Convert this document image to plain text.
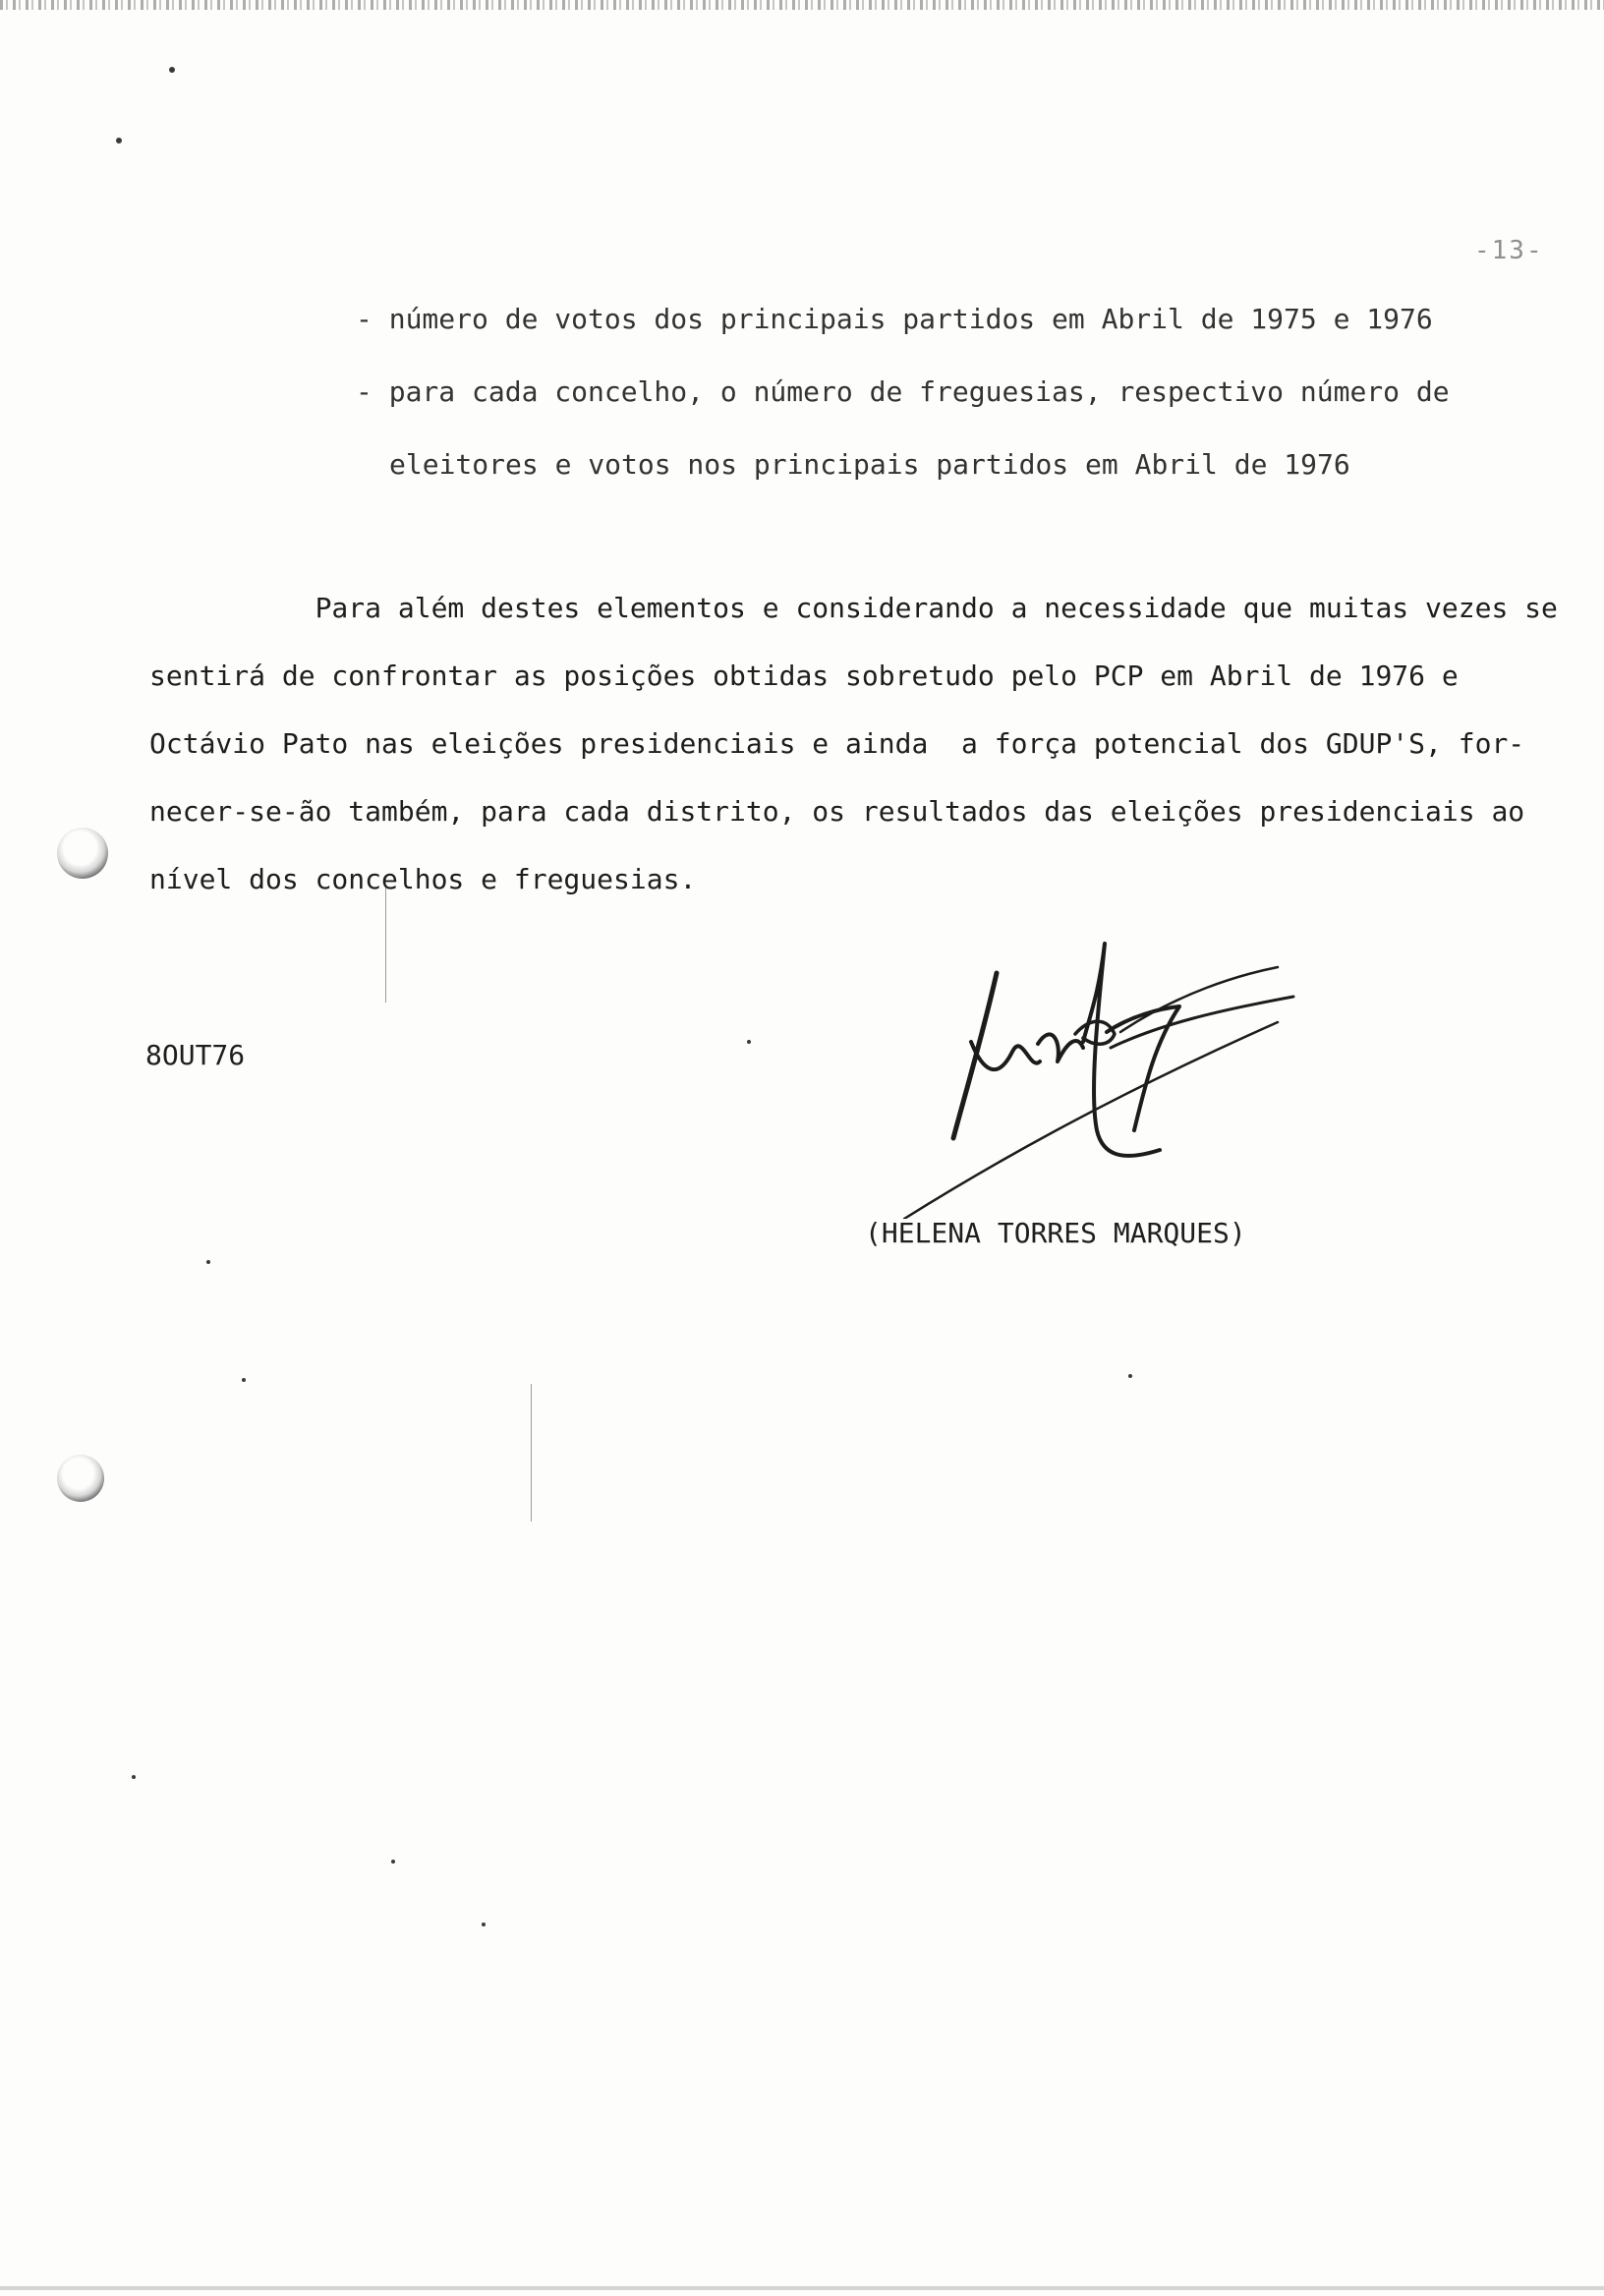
-13-
- número de votos dos principais partidos em Abril de 1975 e 1976
- para cada concelho, o número de freguesias, respectivo número de
eleitores e votos nos principais partidos em Abril de 1976
Para além destes elementos e considerando a necessidade que muitas vezes se
sentirá de confrontar as posições obtidas sobretudo pelo PCP em Abril de 1976 e
Octávio Pato nas eleições presidenciais e ainda  a força potencial dos GDUP'S, for-
necer-se-ão também, para cada distrito, os resultados das eleições presidenciais ao
nível dos concelhos e freguesias.
8OUT76
(HELENA TORRES MARQUES)
